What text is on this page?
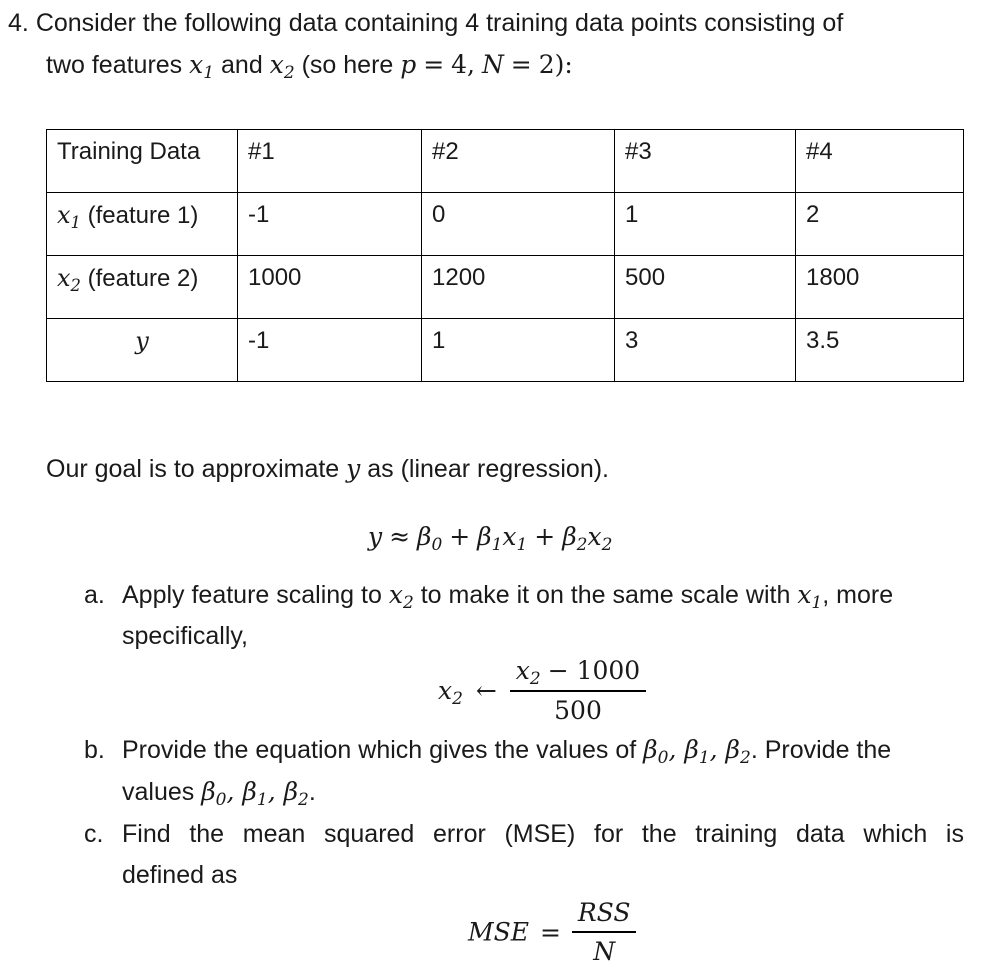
4. Consider the following data containing 4 training data points consisting of
two features $x_1$ and $x_2$ (so here p = 4, N = 2):
Training Data	#1	#2	#3	#4
$x_1$ (feature 1)	-1	0	1	2
$x_2$ (feature 2)	1000	1200	500	1800
y	-1	1	3	3.5
Our goal is to approximate y as (linear regression).
$y \approx \beta_0 + \beta_1x_1 + \beta_2x_2$
a. Apply feature scaling to $x_2$ to make it on the same scale with $x_1$, more
specifically,
$x_2$ ← $\frac{x_2 - 1000}{500}$
b. Provide the equation which gives the values of $\beta_0$, $\beta_1$, $\beta_2$. Provide the
values $\beta_0$, $\beta_1$, $\beta_2$.
c. Find the mean squared error (MSE) for the training data which is
defined as
MSE = $\frac{\text{RSS}}{N}$
